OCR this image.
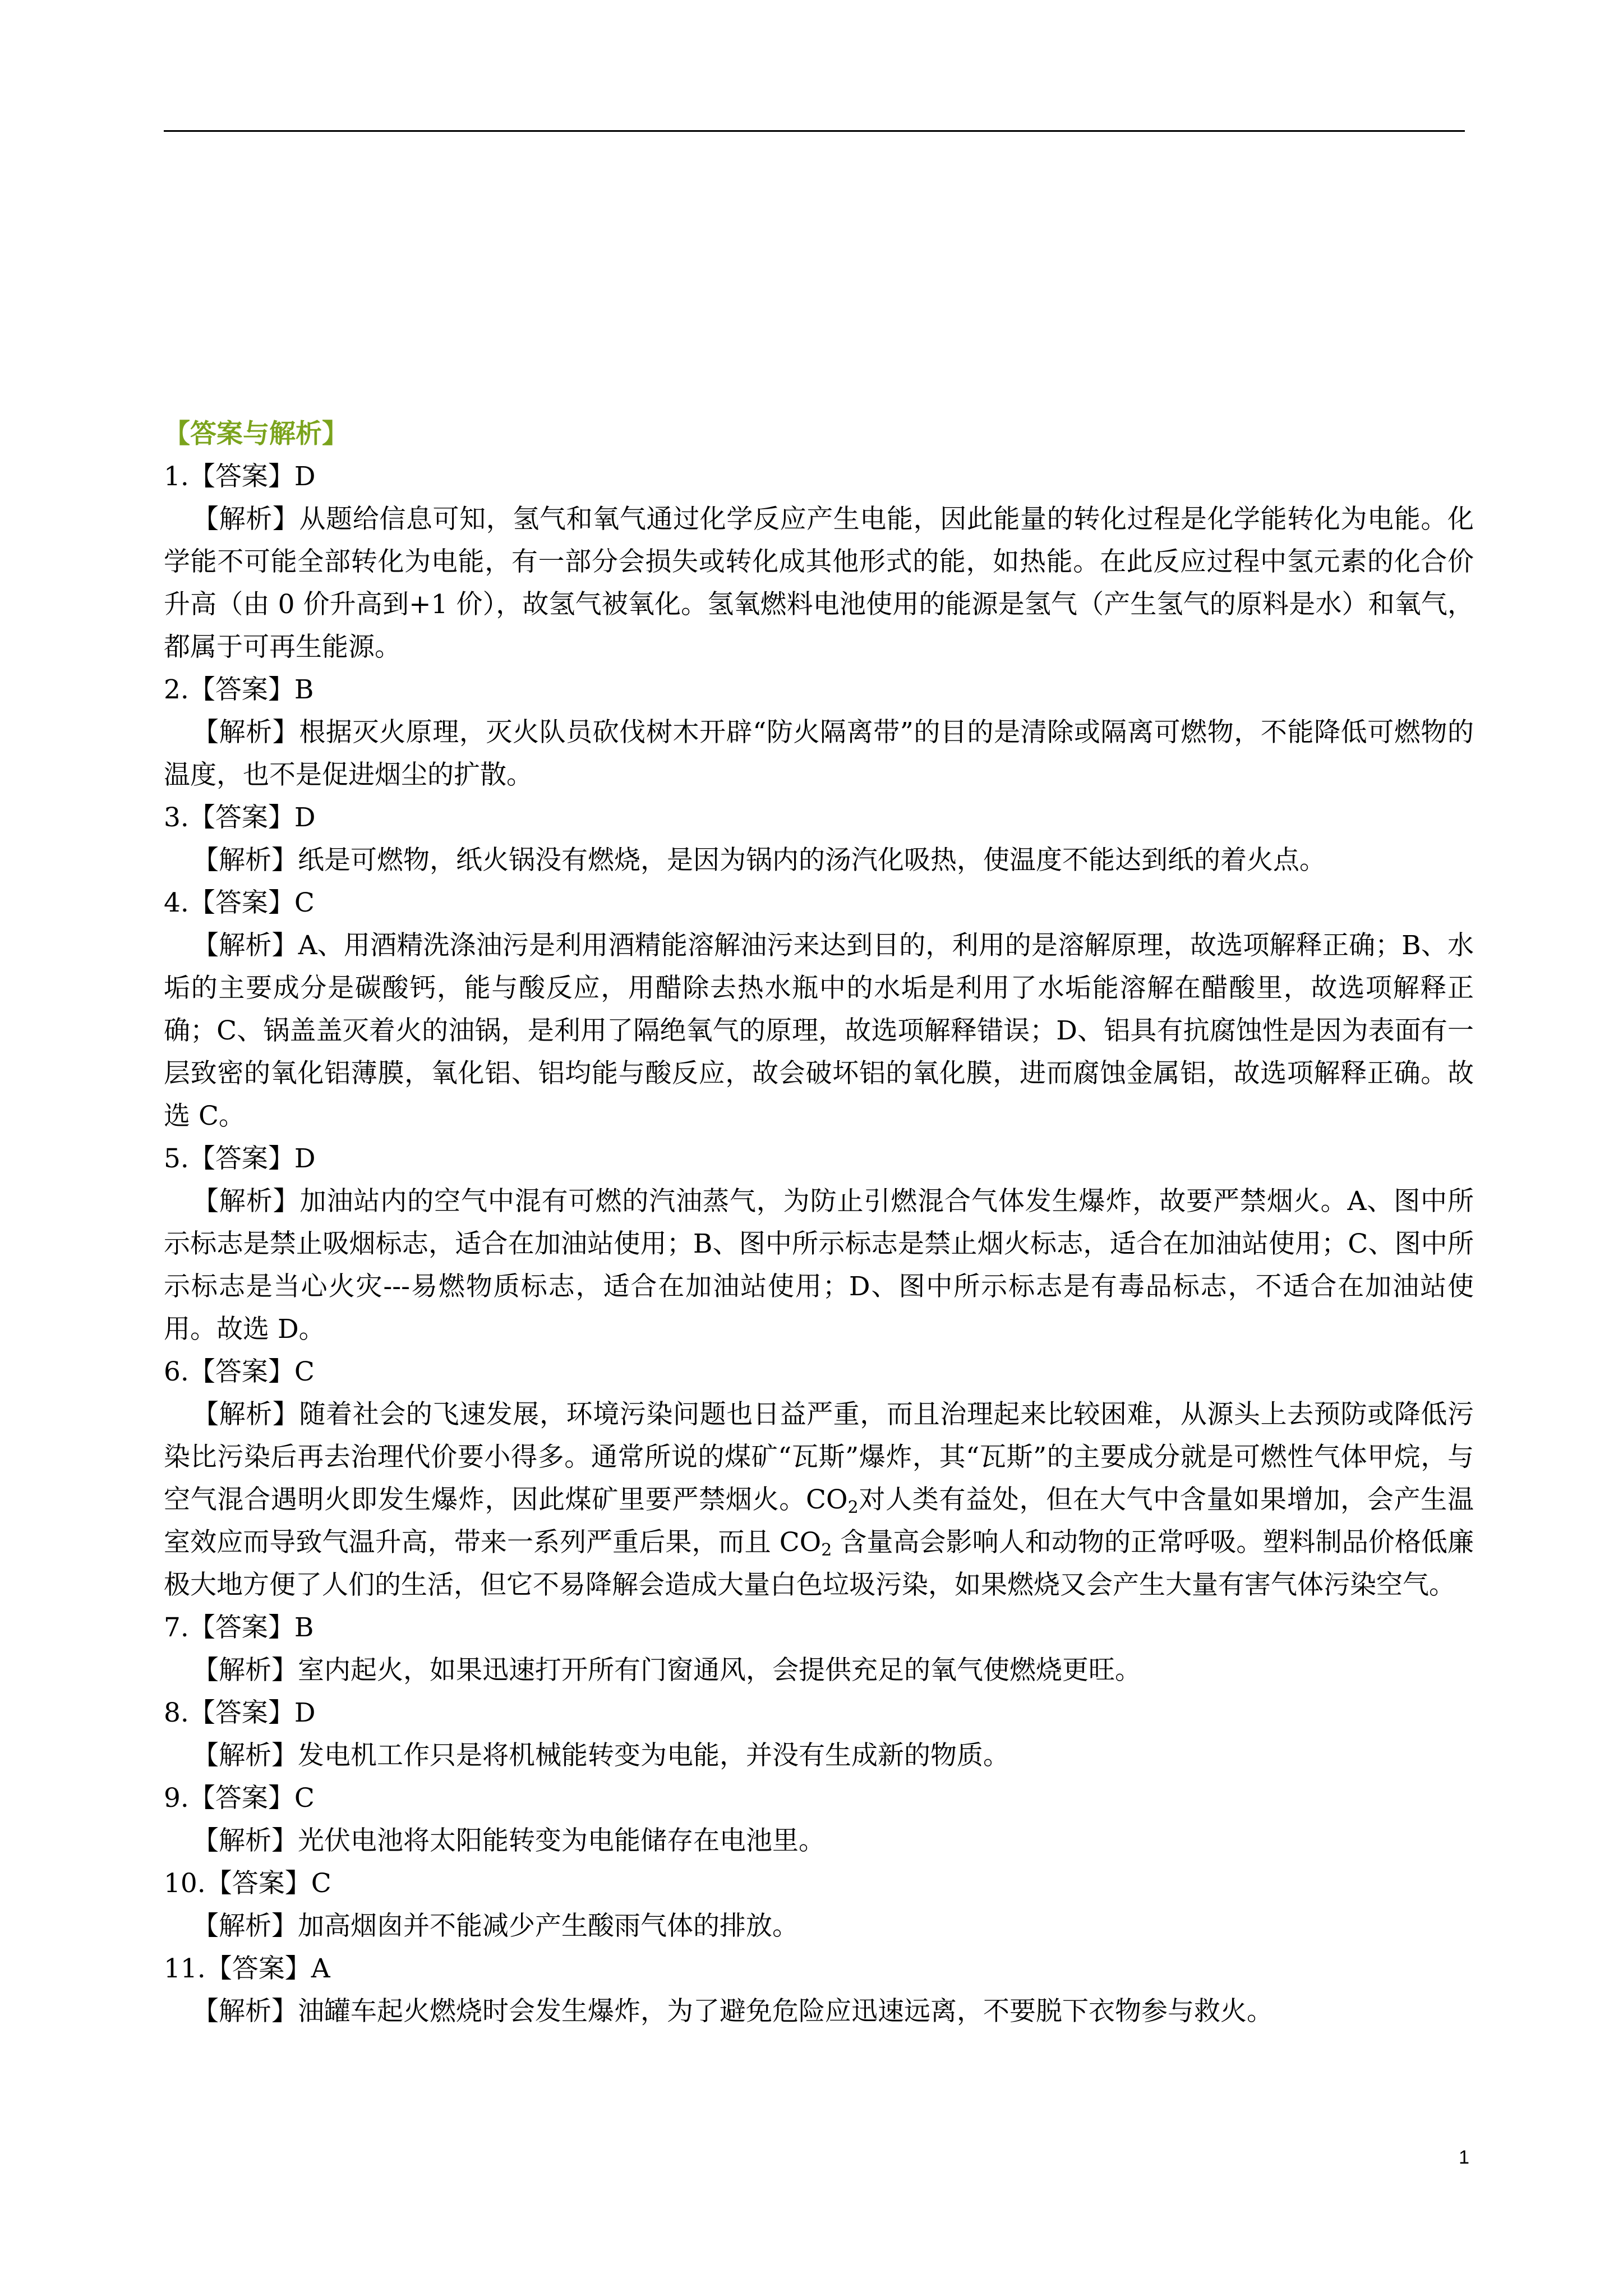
【答案与解析】
1.【答案】D

【解析】从题给信息可知，氢气和氧气通过化学反应产生电能，因此能量的转化过程是化学能转化为电能。化学能不可能全部转化为电能，有一部分会损失或转化成其他形式的能，如热能。在此反应过程中氢元素的化合价升高（由 0 价升高到+1 价），故氢气被氧化。氢氧燃料电池使用的能源是氢气（产生氢气的原料是水）和氧气，都属于可再生能源。

2.【答案】B

【解析】根据灭火原理，灭火队员砍伐树木开辟“防火隔离带”的目的是清除或隔离可燃物，不能降低可燃物的温度，也不是促进烟尘的扩散。

3.【答案】D

【解析】纸是可燃物，纸火锅没有燃烧，是因为锅内的汤汽化吸热，使温度不能达到纸的着火点。

4.【答案】C

【解析】A、用酒精洗涤油污是利用酒精能溶解油污来达到目的，利用的是溶解原理，故选项解释正确；B、水垢的主要成分是碳酸钙，能与酸反应，用醋除去热水瓶中的水垢是利用了水垢能溶解在醋酸里，故选项解释正确；C、锅盖盖灭着火的油锅，是利用了隔绝氧气的原理，故选项解释错误；D、铝具有抗腐蚀性是因为表面有一层致密的氧化铝薄膜，氧化铝、铝均能与酸反应，故会破坏铝的氧化膜，进而腐蚀金属铝，故选项解释正确。故选 C。

5.【答案】D

【解析】加油站内的空气中混有可燃的汽油蒸气，为防止引燃混合气体发生爆炸，故要严禁烟火。A、图中所示标志是禁止吸烟标志，适合在加油站使用；B、图中所示标志是禁止烟火标志，适合在加油站使用；C、图中所示标志是当心火灾---易燃物质标志，适合在加油站使用；D、图中所示标志是有毒品标志，不适合在加油站使用。故选 D。

6.【答案】C

【解析】随着社会的飞速发展，环境污染问题也日益严重，而且治理起来比较困难，从源头上去预防或降低污染比污染后再去治理代价要小得多。通常所说的煤矿“瓦斯”爆炸，其“瓦斯”的主要成分就是可燃性气体甲烷，与空气混合遇明火即发生爆炸，因此煤矿里要严禁烟火。$CO_2$对人类有益处，但在大气中含量如果增加，会产生温室效应而导致气温升高，带来一系列严重后果，而且 $CO_2$ 含量高会影响人和动物的正常呼吸。塑料制品价格低廉极大地方便了人们的生活，但它不易降解会造成大量白色垃圾污染，如果燃烧又会产生大量有害气体污染空气。

7.【答案】B

【解析】室内起火，如果迅速打开所有门窗通风，会提供充足的氧气使燃烧更旺。

8.【答案】D

【解析】发电机工作只是将机械能转变为电能，并没有生成新的物质。

9.【答案】C

【解析】光伏电池将太阳能转变为电能储存在电池里。

10.【答案】C

【解析】加高烟囱并不能减少产生酸雨气体的排放。

11.【答案】A

【解析】油罐车起火燃烧时会发生爆炸，为了避免危险应迅速远离，不要脱下衣物参与救火。

1
